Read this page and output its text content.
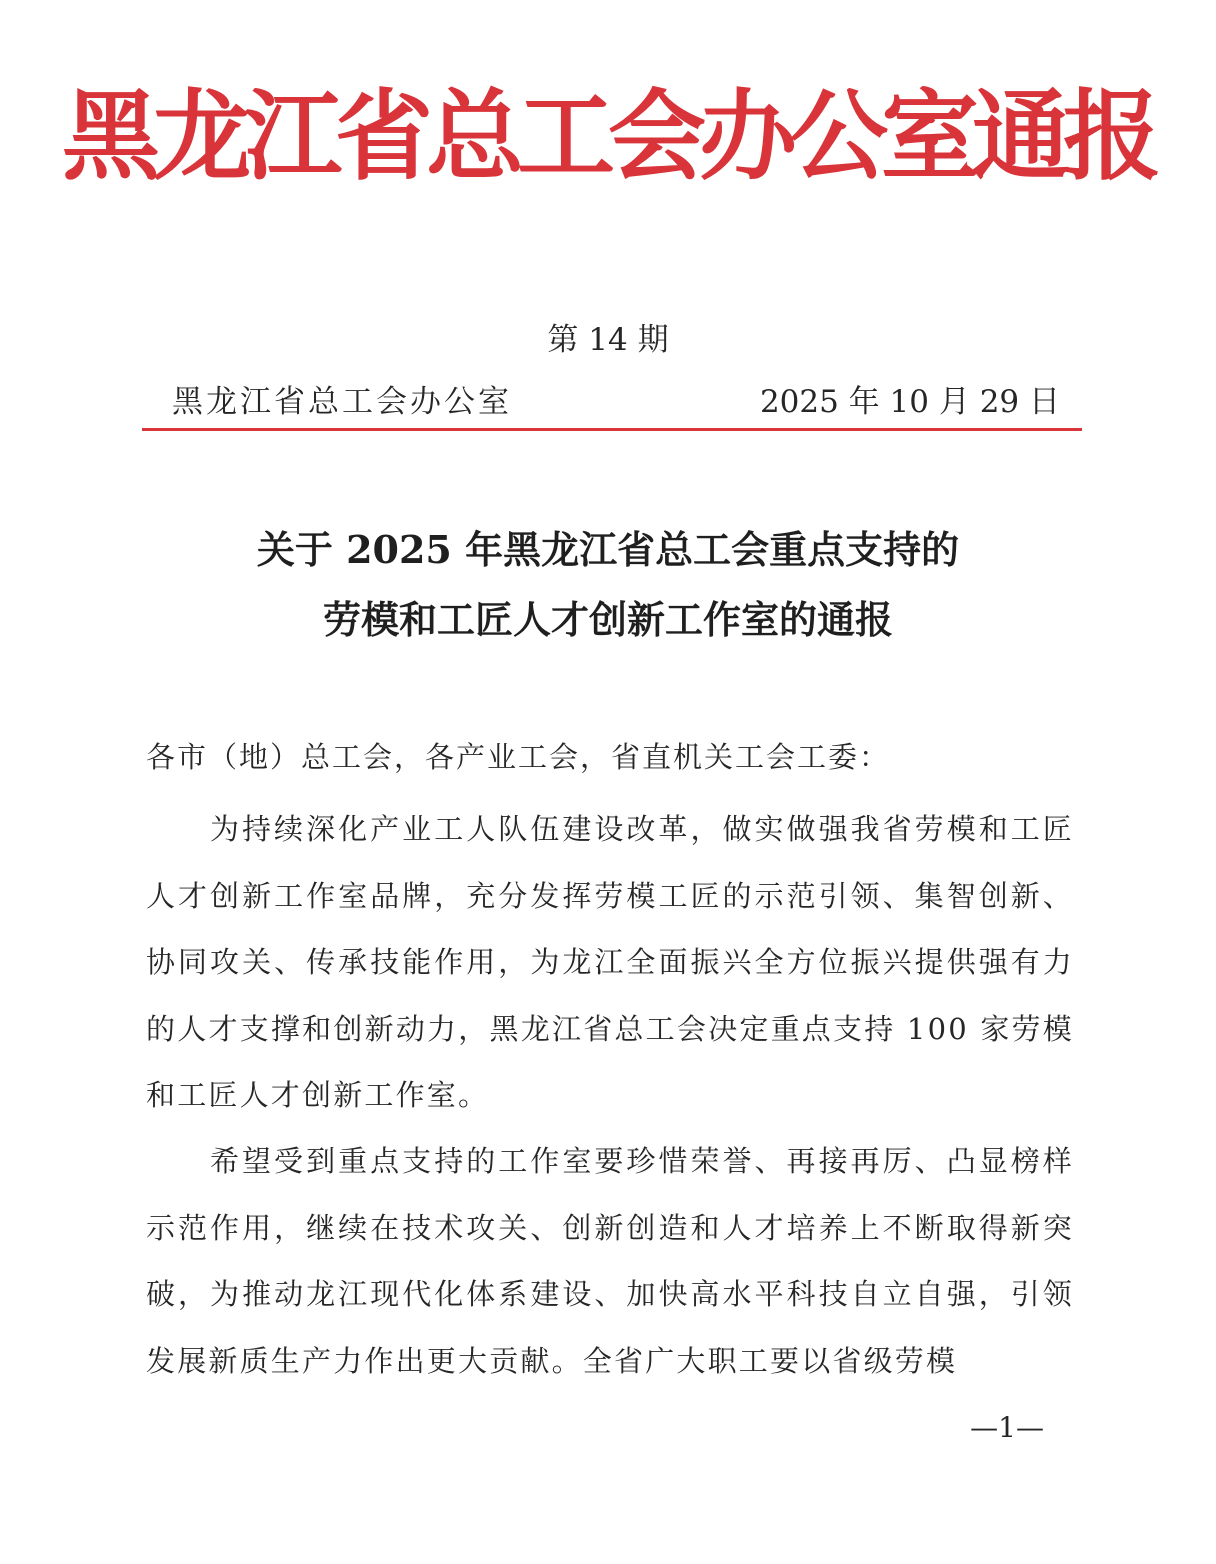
黑龙江省总工会办公室通报
第 14 期
黑龙江省总工会办公室	2025 年 10 月 29 日
关于 2025 年黑龙江省总工会重点支持的
劳模和工匠人才创新工作室的通报
各市（地）总工会，各产业工会，省直机关工会工委：

为持续深化产业工人队伍建设改革，做实做强我省劳模和工匠人才创新工作室品牌，充分发挥劳模工匠的示范引领、集智创新、协同攻关、传承技能作用，为龙江全面振兴全方位振兴提供强有力的人才支撑和创新动力，黑龙江省总工会决定重点支持 100 家劳模和工匠人才创新工作室。

希望受到重点支持的工作室要珍惜荣誉、再接再厉、凸显榜样示范作用，继续在技术攻关、创新创造和人才培养上不断取得新突破，为推动龙江现代化体系建设、加快高水平科技自立自强，引领发展新质生产力作出更大贡献。全省广大职工要以省级劳模

—1—
